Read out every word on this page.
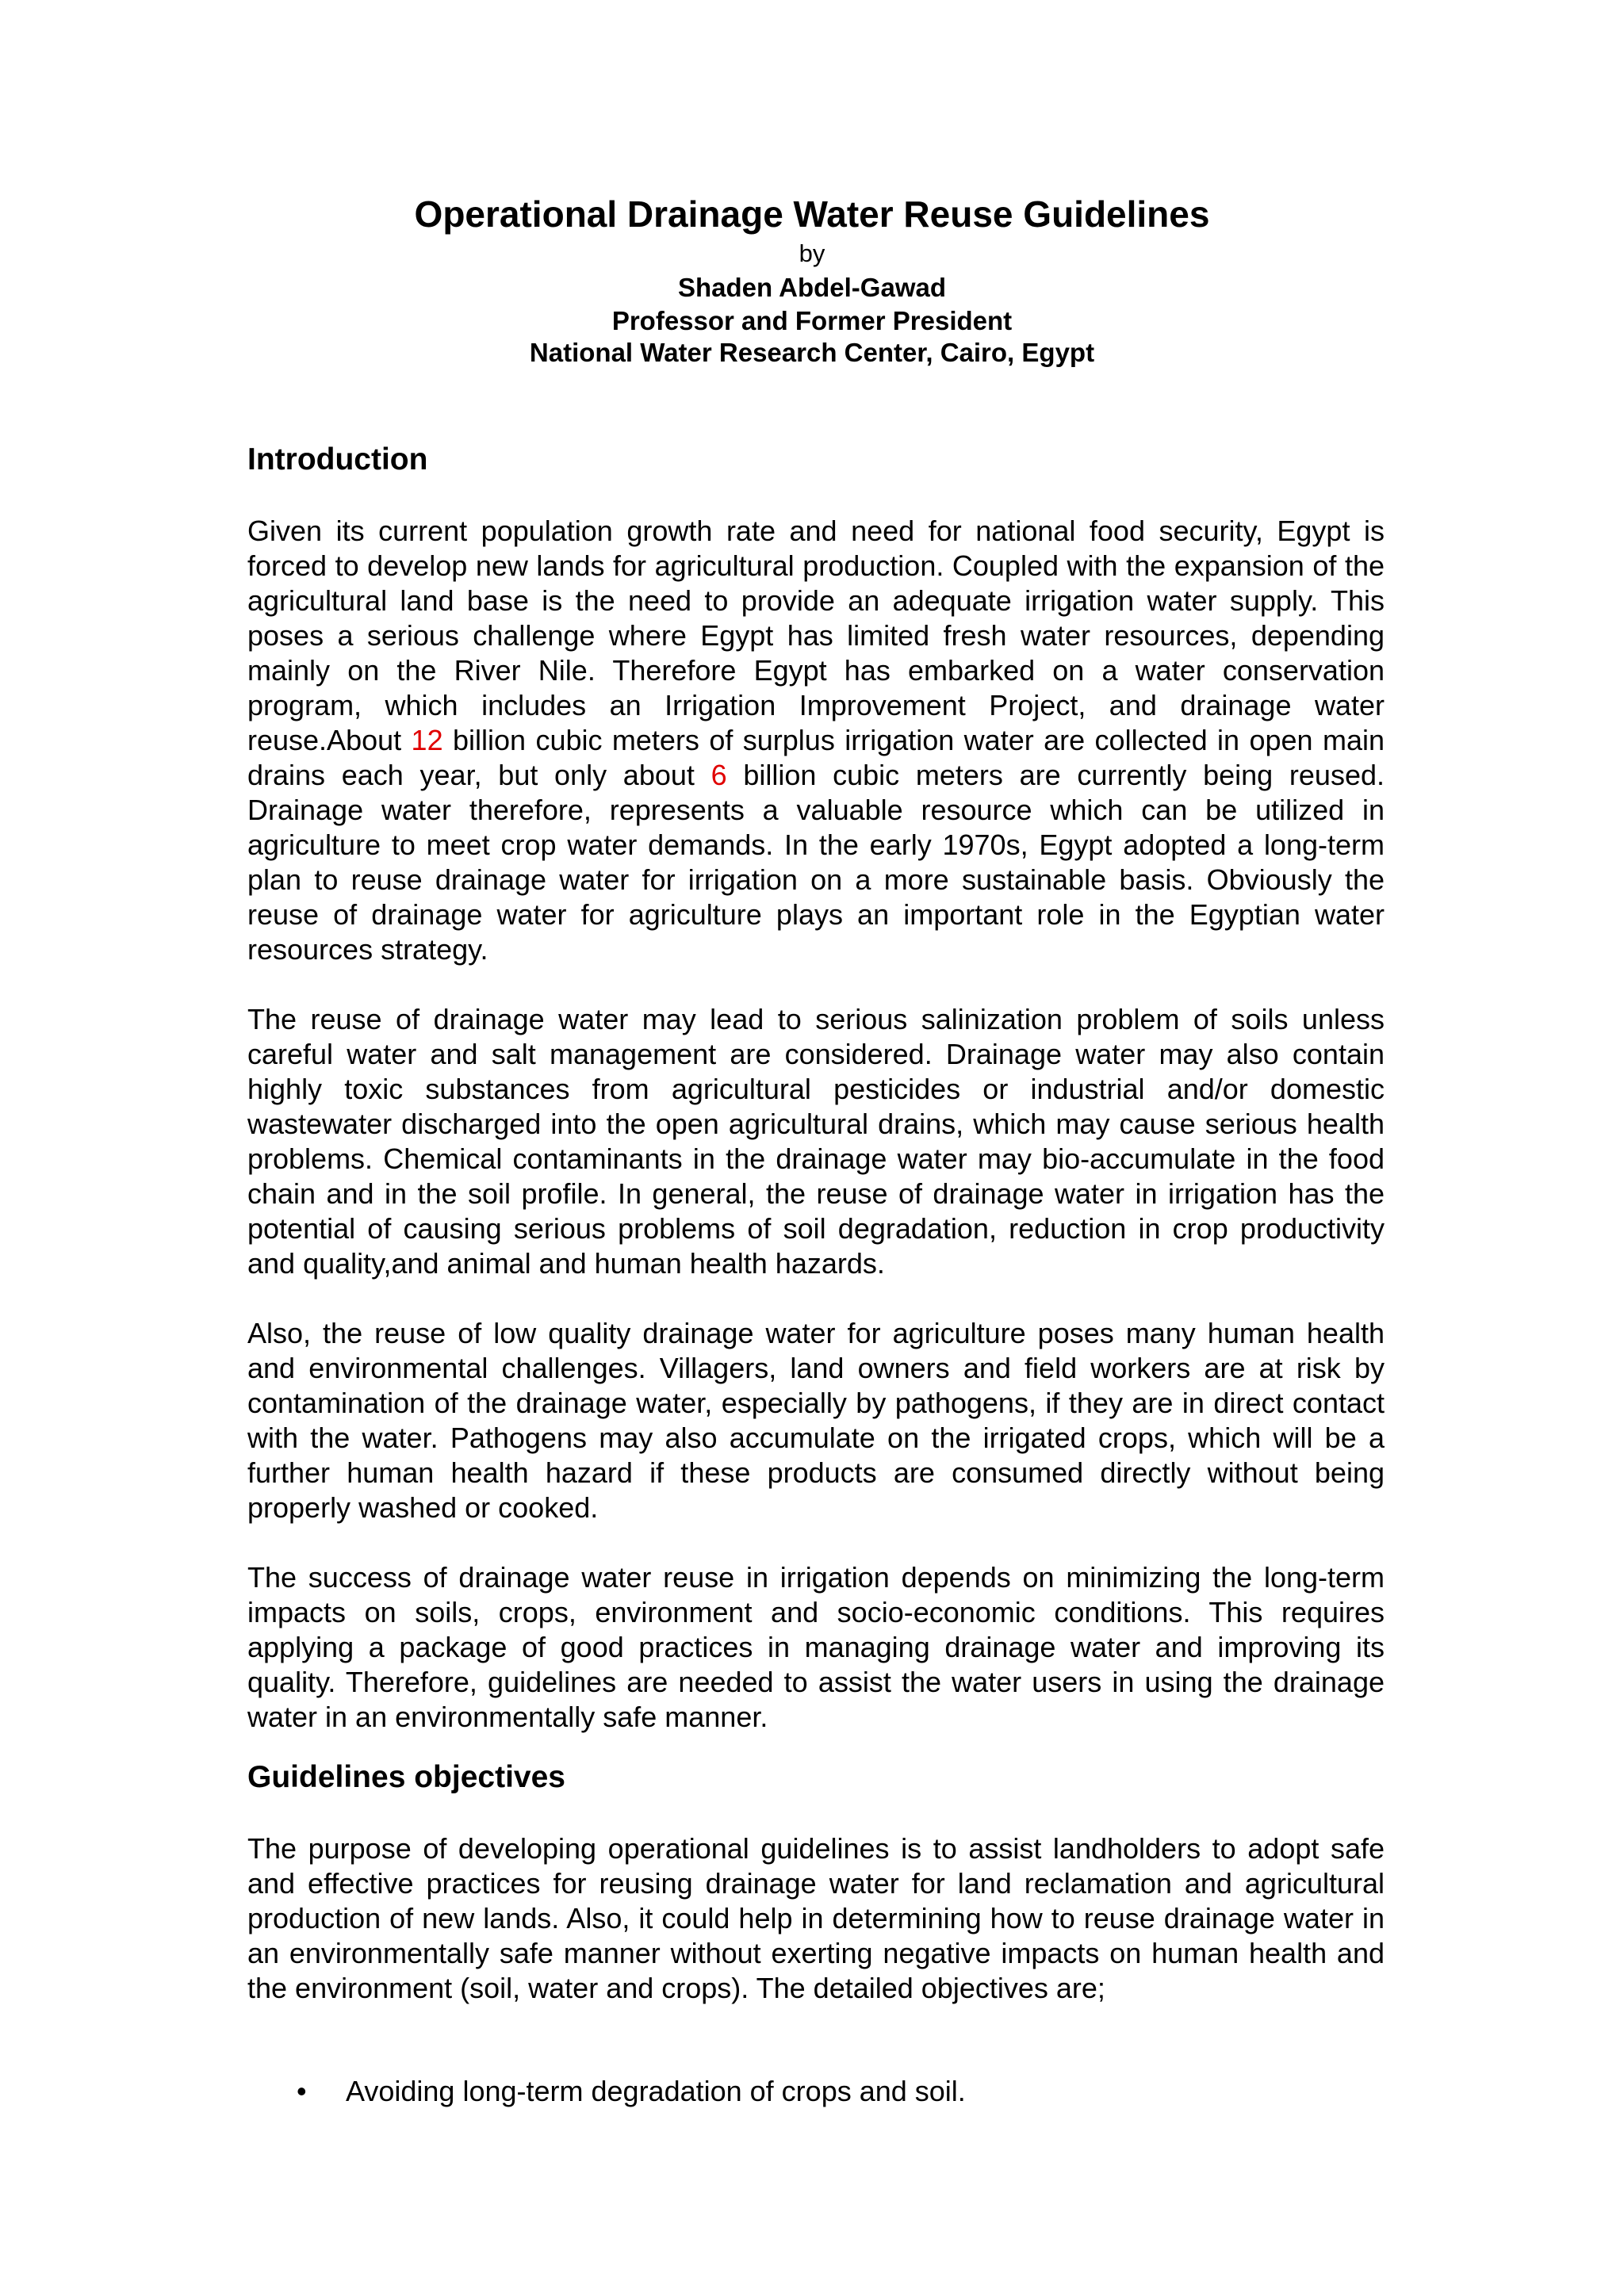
Operational Drainage Water Reuse Guidelines
by
Shaden Abdel-Gawad
Professor and Former President
National Water Research Center, Cairo, Egypt
Introduction
Given its current population growth rate and need for national food security, Egypt is forced to develop new lands for agricultural production. Coupled with the expansion of the agricultural land base is the need to provide an adequate irrigation water supply. This poses a serious challenge where Egypt has limited fresh water resources, depending mainly on the River Nile. Therefore Egypt has embarked on a water conservation program, which includes an Irrigation Improvement Project, and drainage water reuse.About 12 billion cubic meters of surplus irrigation water are collected in open main drains each year, but only about 6 billion cubic meters are currently being reused. Drainage water therefore, represents a valuable resource which can be utilized in agriculture to meet crop water demands. In the early 1970s, Egypt adopted a long-term plan to reuse drainage water for irrigation on a more sustainable basis. Obviously the reuse of drainage water for agriculture plays an important role in the Egyptian water resources strategy.
The reuse of drainage water may lead to serious salinization problem of soils unless careful water and salt management are considered. Drainage water may also contain highly toxic substances from agricultural pesticides or industrial and/or domestic wastewater discharged into the open agricultural drains, which may cause serious health problems. Chemical contaminants in the drainage water may bio-accumulate in the food chain and in the soil profile. In general, the reuse of drainage water in irrigation has the potential of causing serious problems of soil degradation, reduction in crop productivity and quality,and animal and human health hazards.
Also, the reuse of low quality drainage water for agriculture poses many human health and environmental challenges. Villagers, land owners and field workers are at risk by contamination of the drainage water, especially by pathogens, if they are in direct contact with the water. Pathogens may also accumulate on the irrigated crops, which will be a further human health hazard if these products are consumed directly without being properly washed or cooked.
The success of drainage water reuse in irrigation depends on minimizing the long-term impacts on soils, crops, environment and socio-economic conditions. This requires applying a package of good practices in managing drainage water and improving its quality. Therefore, guidelines are needed to assist the water users in using the drainage water in an environmentally safe manner.
Guidelines objectives
The purpose of developing operational guidelines is to assist landholders to adopt safe and effective practices for reusing drainage water for land reclamation and agricultural production of new lands. Also, it could help in determining how to reuse drainage water in an environmentally safe manner without exerting negative impacts on human health and the environment (soil, water and crops). The detailed objectives are;
• Avoiding long-term degradation of crops and soil.
